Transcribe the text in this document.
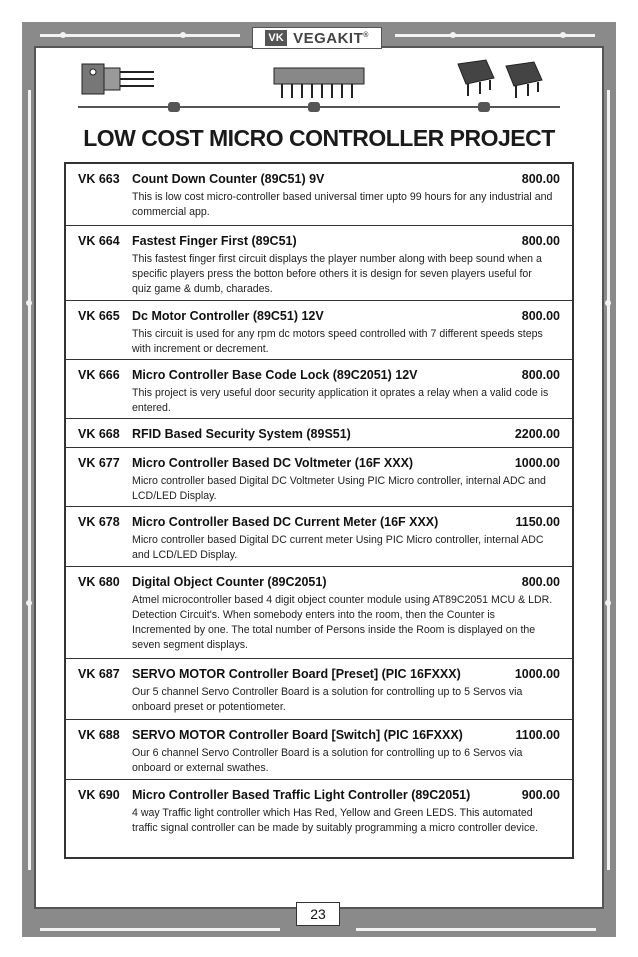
VK VEGAKIT®
LOW COST MICRO CONTROLLER PROJECT
VK 663 Count Down Counter (89C51) 9V	800.00
This is low cost micro-controller based universal timer upto 99 hours for any industrial and commercial app.
VK 664 Fastest Finger First (89C51)	800.00
This fastest finger first circuit displays the player number along with beep sound when a specific players press the botton before others it is design for seven players useful for quiz game & dumb, charades.
VK 665 Dc Motor Controller (89C51) 12V	800.00
This circuit is used for any rpm dc motors speed controlled with 7 different speeds steps with increment or decrement.
VK 666 Micro Controller Base Code Lock (89C2051) 12V	800.00
This project is very useful door security application it oprates a relay when a valid code is entered.
VK 668 RFID Based Security System (89S51)	2200.00
VK 677 Micro Controller Based DC Voltmeter (16F XXX)	1000.00
Micro controller based Digital DC Voltmeter Using PIC Micro controller, internal ADC and LCD/LED Display.
VK 678 Micro Controller Based DC Current Meter (16F XXX)	1150.00
Micro controller based Digital DC current meter Using PIC Micro controller, internal ADC and LCD/LED Display.
VK 680 Digital Object Counter (89C2051)	800.00
Atmel microcontroller based 4 digit object counter module using AT89C2051 MCU & LDR. Detection Circuit's. When somebody enters into the room, then the Counter is Incremented by one. The total number of Persons inside the Room is displayed on the seven segment displays.
VK 687 SERVO MOTOR Controller Board [Preset] (PIC 16FXXX)	1000.00
Our 5 channel Servo Controller Board is a solution for controlling up to 5 Servos via onboard preset or potentiometer.
VK 688 SERVO MOTOR Controller Board [Switch] (PIC 16FXXX)	1100.00
Our 6 channel Servo Controller Board is a solution for controlling up to 6 Servos via onboard or external swathes.
VK 690 Micro Controller Based Traffic Light Controller (89C2051)	900.00
4 way Traffic light controller which Has Red, Yellow and Green LEDS. This automated traffic signal controller can be made by suitably programming a micro controller device.
23
